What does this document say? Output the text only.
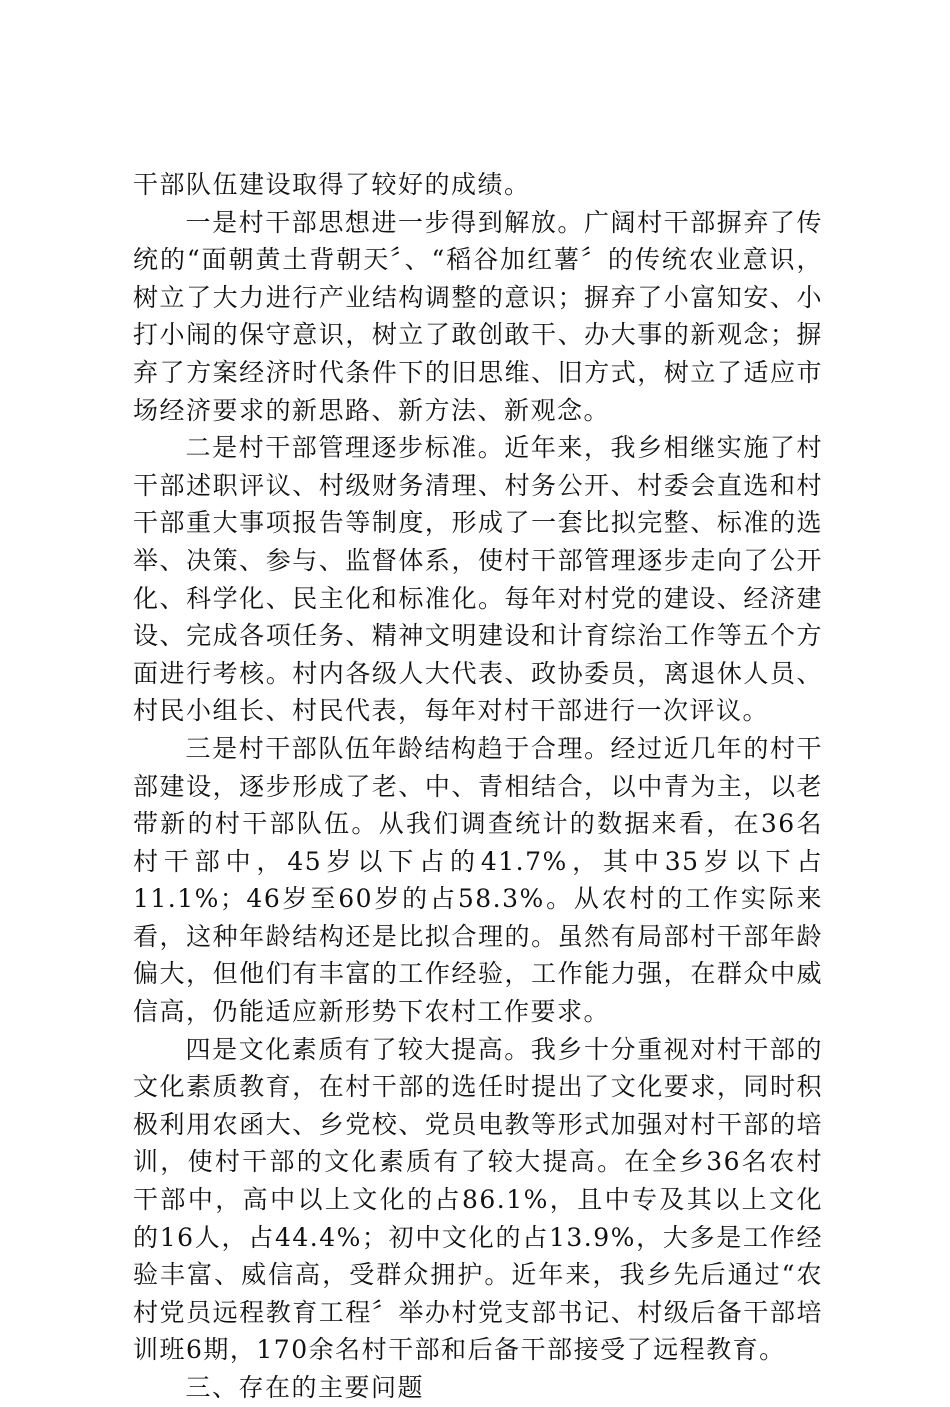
干部队伍建设取得了较好的成绩。

一是村干部思想进一步得到解放。广阔村干部摒弃了传统的“面朝黄土背朝天〞、“稻谷加红薯〞的传统农业意识，树立了大力进行产业结构调整的意识；摒弃了小富知安、小打小闹的保守意识，树立了敢创敢干、办大事的新观念；摒弃了方案经济时代条件下的旧思维、旧方式，树立了适应市场经济要求的新思路、新方法、新观念。

二是村干部管理逐步标准。近年来，我乡相继实施了村干部述职评议、村级财务清理、村务公开、村委会直选和村干部重大事项报告等制度，形成了一套比拟完整、标准的选举、决策、参与、监督体系，使村干部管理逐步走向了公开化、科学化、民主化和标准化。每年对村党的建设、经济建设、完成各项任务、精神文明建设和计育综治工作等五个方面进行考核。村内各级人大代表、政协委员，离退休人员、村民小组长、村民代表，每年对村干部进行一次评议。

三是村干部队伍年龄结构趋于合理。经过近几年的村干部建设，逐步形成了老、中、青相结合，以中青为主，以老带新的村干部队伍。从我们调查统计的数据来看，在36名村干部中，45岁以下占的41.7%，其中35岁以下占11.1%；46岁至60岁的占58.3%。从农村的工作实际来看，这种年龄结构还是比拟合理的。虽然有局部村干部年龄偏大，但他们有丰富的工作经验，工作能力强，在群众中威信高，仍能适应新形势下农村工作要求。

四是文化素质有了较大提高。我乡十分重视对村干部的文化素质教育，在村干部的选任时提出了文化要求，同时积极利用农函大、乡党校、党员电教等形式加强对村干部的培训，使村干部的文化素质有了较大提高。在全乡36名农村干部中，高中以上文化的占86.1%，且中专及其以上文化的16人，占44.4%；初中文化的占13.9%，大多是工作经验丰富、威信高，受群众拥护。近年来，我乡先后通过“农村党员远程教育工程〞举办村党支部书记、村级后备干部培训班6期，170余名村干部和后备干部接受了远程教育。

三、存在的主要问题
